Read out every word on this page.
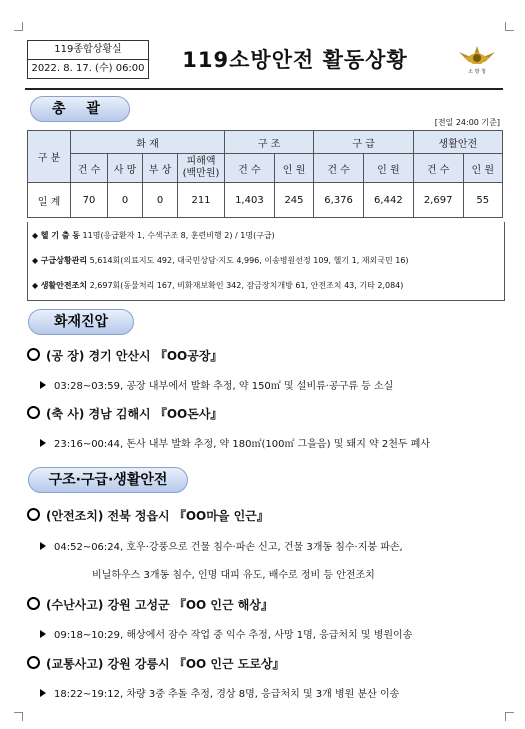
119종합상황실
2022. 8. 17. (수) 06:00	119소방안전 활동상황	소 방 청
총 괄
[전일 24:00 기준]
구 분	화 재				구 조		구 급		생활안전	
	건 수	사 망	부 상	피해액
(백만원)	건 수	인 원	건 수	인 원	건 수	인 원
일 계	70	0	0	211	1,403	245	6,376	6,442	2,697	55
◆ 헬 기 출 동 11명(응급환자 1, 수색구조 8, 훈련비행 2) / 1명(구급)
◆ 구급상황관리 5,614회(의료지도 492, 대국민상담·지도 4,996, 이송병원선정 109, 헬기 1, 재외국민 16)
◆ 생활안전조치 2,697회(동물처리 167, 비화재보확인 342, 잠금장치개방 61, 안전조치 43, 기타 2,084)
화재진압
(공 장) 경기 안산시 『OO공장』
03:28~03:59, 공장 내부에서 발화 추정, 약 150㎡ 및 설비류·공구류 등 소실
(축 사) 경남 김해시 『OO돈사』
23:16~00:44, 돈사 내부 발화 추정, 약 180㎡(100㎡ 그을음) 및 돼지 약 2천두 폐사
구조·구급·생활안전
(안전조치) 전북 정읍시 『OO마을 인근』
04:52~06:24, 호우·강풍으로 건물 침수·파손 신고, 건물 3개동 침수·지붕 파손,
비닐하우스 3개동 침수, 인명 대피 유도, 배수로 정비 등 안전조치
(수난사고) 강원 고성군 『OO 인근 해상』
09:18~10:29, 해상에서 잠수 작업 중 익수 추정, 사망 1명, 응급처치 및 병원이송
(교통사고) 강원 강릉시 『OO 인근 도로상』
18:22~19:12, 차량 3중 추돌 추정, 경상 8명, 응급처치 및 3개 병원 분산 이송
